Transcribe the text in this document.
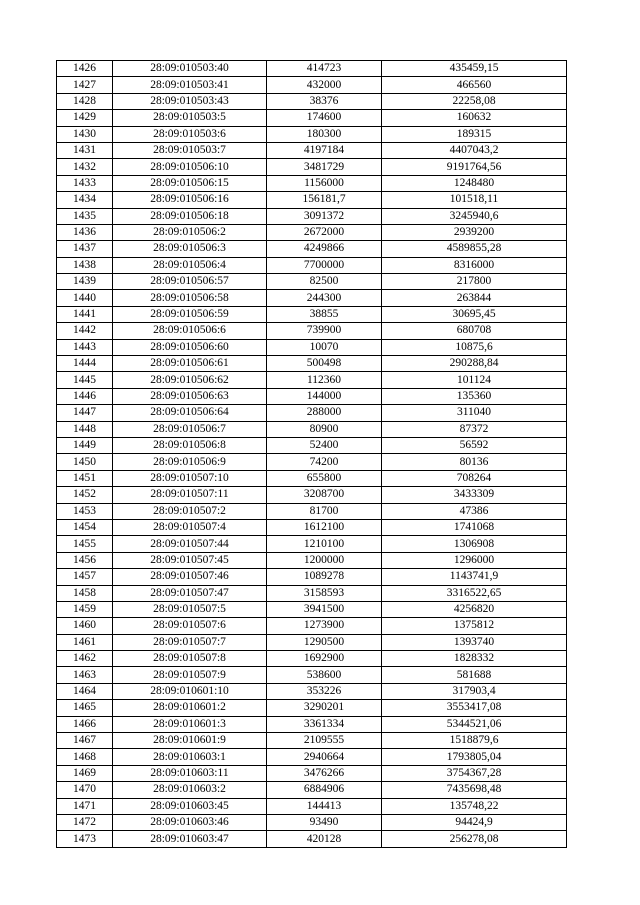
1426	28:09:010503:40	414723	435459,15
1427	28:09:010503:41	432000	466560
1428	28:09:010503:43	38376	22258,08
1429	28:09:010503:5	174600	160632
1430	28:09:010503:6	180300	189315
1431	28:09:010503:7	4197184	4407043,2
1432	28:09:010506:10	3481729	9191764,56
1433	28:09:010506:15	1156000	1248480
1434	28:09:010506:16	156181,7	101518,11
1435	28:09:010506:18	3091372	3245940,6
1436	28:09:010506:2	2672000	2939200
1437	28:09:010506:3	4249866	4589855,28
1438	28:09:010506:4	7700000	8316000
1439	28:09:010506:57	82500	217800
1440	28:09:010506:58	244300	263844
1441	28:09:010506:59	38855	30695,45
1442	28:09:010506:6	739900	680708
1443	28:09:010506:60	10070	10875,6
1444	28:09:010506:61	500498	290288,84
1445	28:09:010506:62	112360	101124
1446	28:09:010506:63	144000	135360
1447	28:09:010506:64	288000	311040
1448	28:09:010506:7	80900	87372
1449	28:09:010506:8	52400	56592
1450	28:09:010506:9	74200	80136
1451	28:09:010507:10	655800	708264
1452	28:09:010507:11	3208700	3433309
1453	28:09:010507:2	81700	47386
1454	28:09:010507:4	1612100	1741068
1455	28:09:010507:44	1210100	1306908
1456	28:09:010507:45	1200000	1296000
1457	28:09:010507:46	1089278	1143741,9
1458	28:09:010507:47	3158593	3316522,65
1459	28:09:010507:5	3941500	4256820
1460	28:09:010507:6	1273900	1375812
1461	28:09:010507:7	1290500	1393740
1462	28:09:010507:8	1692900	1828332
1463	28:09:010507:9	538600	581688
1464	28:09:010601:10	353226	317903,4
1465	28:09:010601:2	3290201	3553417,08
1466	28:09:010601:3	3361334	5344521,06
1467	28:09:010601:9	2109555	1518879,6
1468	28:09:010603:1	2940664	1793805,04
1469	28:09:010603:11	3476266	3754367,28
1470	28:09:010603:2	6884906	7435698,48
1471	28:09:010603:45	144413	135748,22
1472	28:09:010603:46	93490	94424,9
1473	28:09:010603:47	420128	256278,08
